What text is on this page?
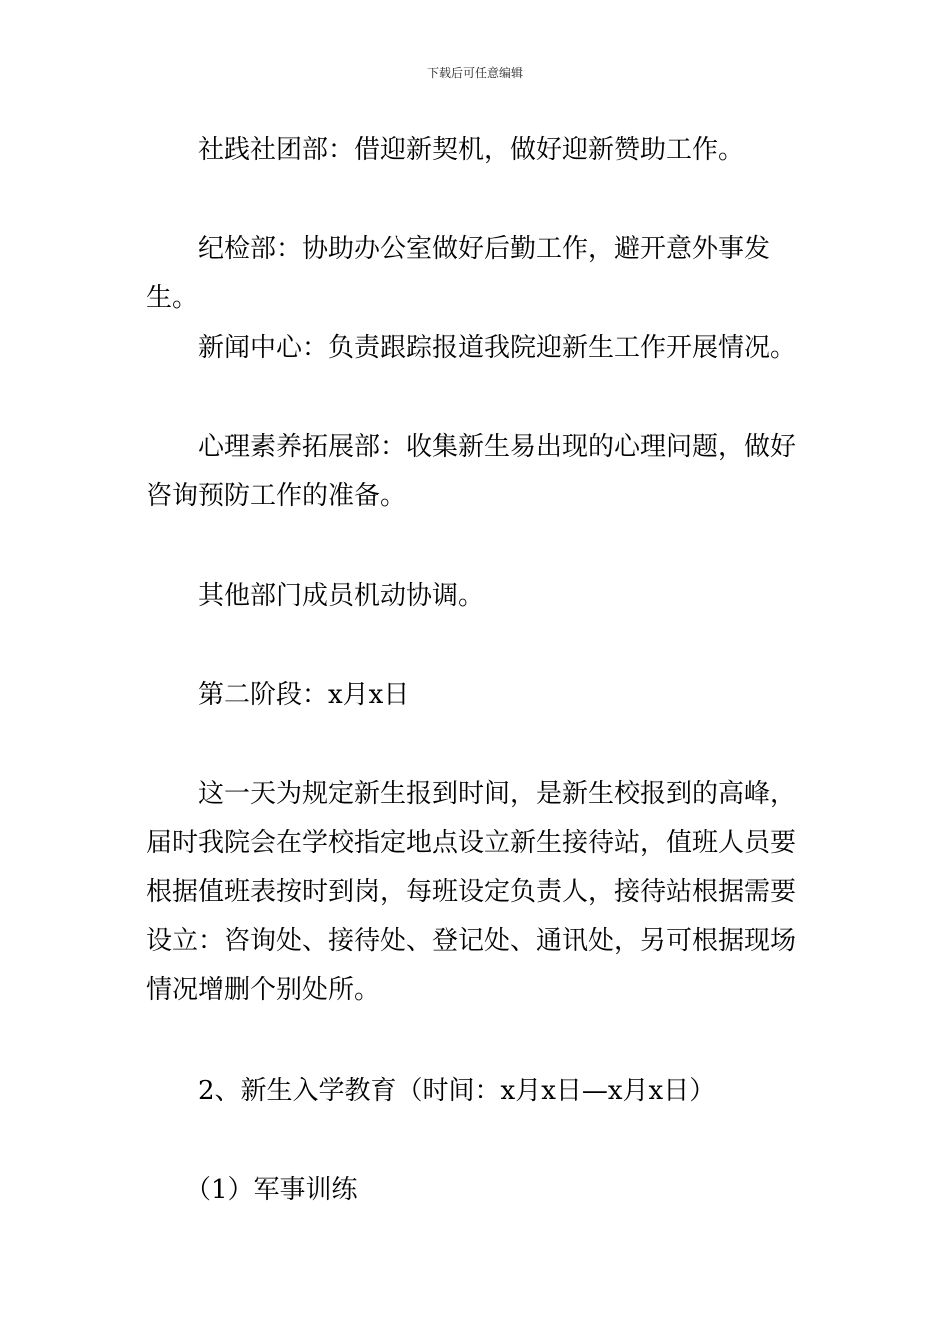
下载后可任意编辑

社践社团部：借迎新契机，做好迎新赞助工作。

纪检部：协助办公室做好后勤工作，避开意外事发生。

新闻中心：负责跟踪报道我院迎新生工作开展情况。

心理素养拓展部：收集新生易出现的心理问题，做好咨询预防工作的准备。

其他部门成员机动协调。

第二阶段：x月x日

这一天为规定新生报到时间，是新生校报到的高峰，届时我院会在学校指定地点设立新生接待站，值班人员要根据值班表按时到岗，每班设定负责人，接待站根据需要设立：咨询处、接待处、登记处、通讯处，另可根据现场情况增删个别处所。

2、新生入学教育（时间：x月x日—x月x日）

（1）军事训练
